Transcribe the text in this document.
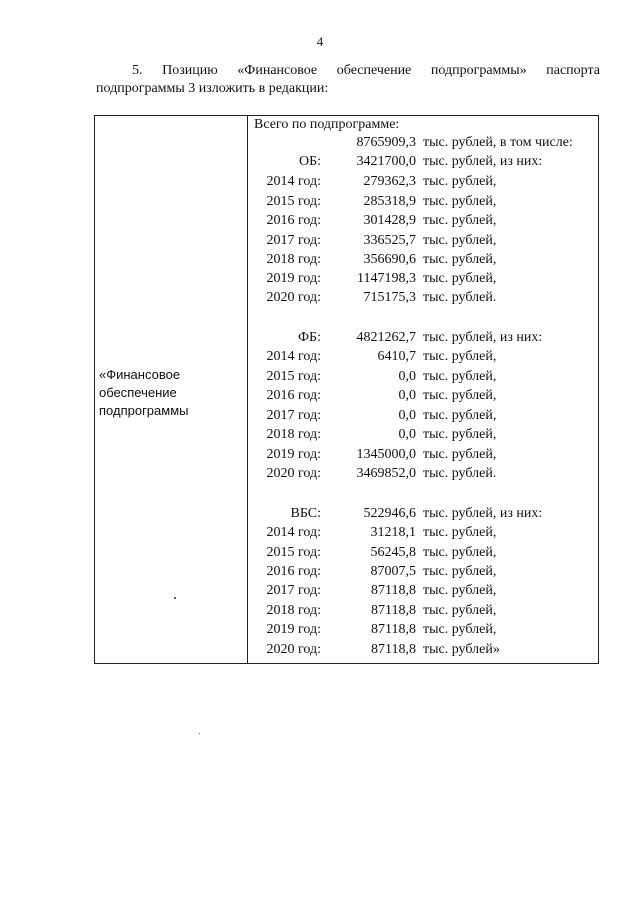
4
5. Позицию «Финансовое обеспечение подпрограммы» паспорта
подпрограммы 3 изложить в редакции:
«Финансовое
обеспечение
подпрограммы
Всего по подпрограмме:
8765909,3 тыс. рублей, в том числе:
ОБ:	3421700,0 тыс. рублей, из них:
2014 год:	279362,3 тыс. рублей,
2015 год:	285318,9 тыс. рублей,
2016 год:	301428,9 тыс. рублей,
2017 год:	336525,7 тыс. рублей,
2018 год:	356690,6 тыс. рублей,
2019 год:	1147198,3 тыс. рублей,
2020 год:	715175,3 тыс. рублей.
ФБ:	4821262,7 тыс. рублей, из них:
2014 год:	6410,7 тыс. рублей,
2015 год:	0,0 тыс. рублей,
2016 год:	0,0 тыс. рублей,
2017 год:	0,0 тыс. рублей,
2018 год:	0,0 тыс. рублей,
2019 год:	1345000,0 тыс. рублей,
2020 год:	3469852,0 тыс. рублей.
ВБС:	522946,6 тыс. рублей, из них:
2014 год:	31218,1 тыс. рублей,
2015 год:	56245,8 тыс. рублей,
2016 год:	87007,5 тыс. рублей,
2017 год:	87118,8 тыс. рублей,
2018 год:	87118,8 тыс. рублей,
2019 год:	87118,8 тыс. рублей,
2020 год:	87118,8 тыс. рублей»
